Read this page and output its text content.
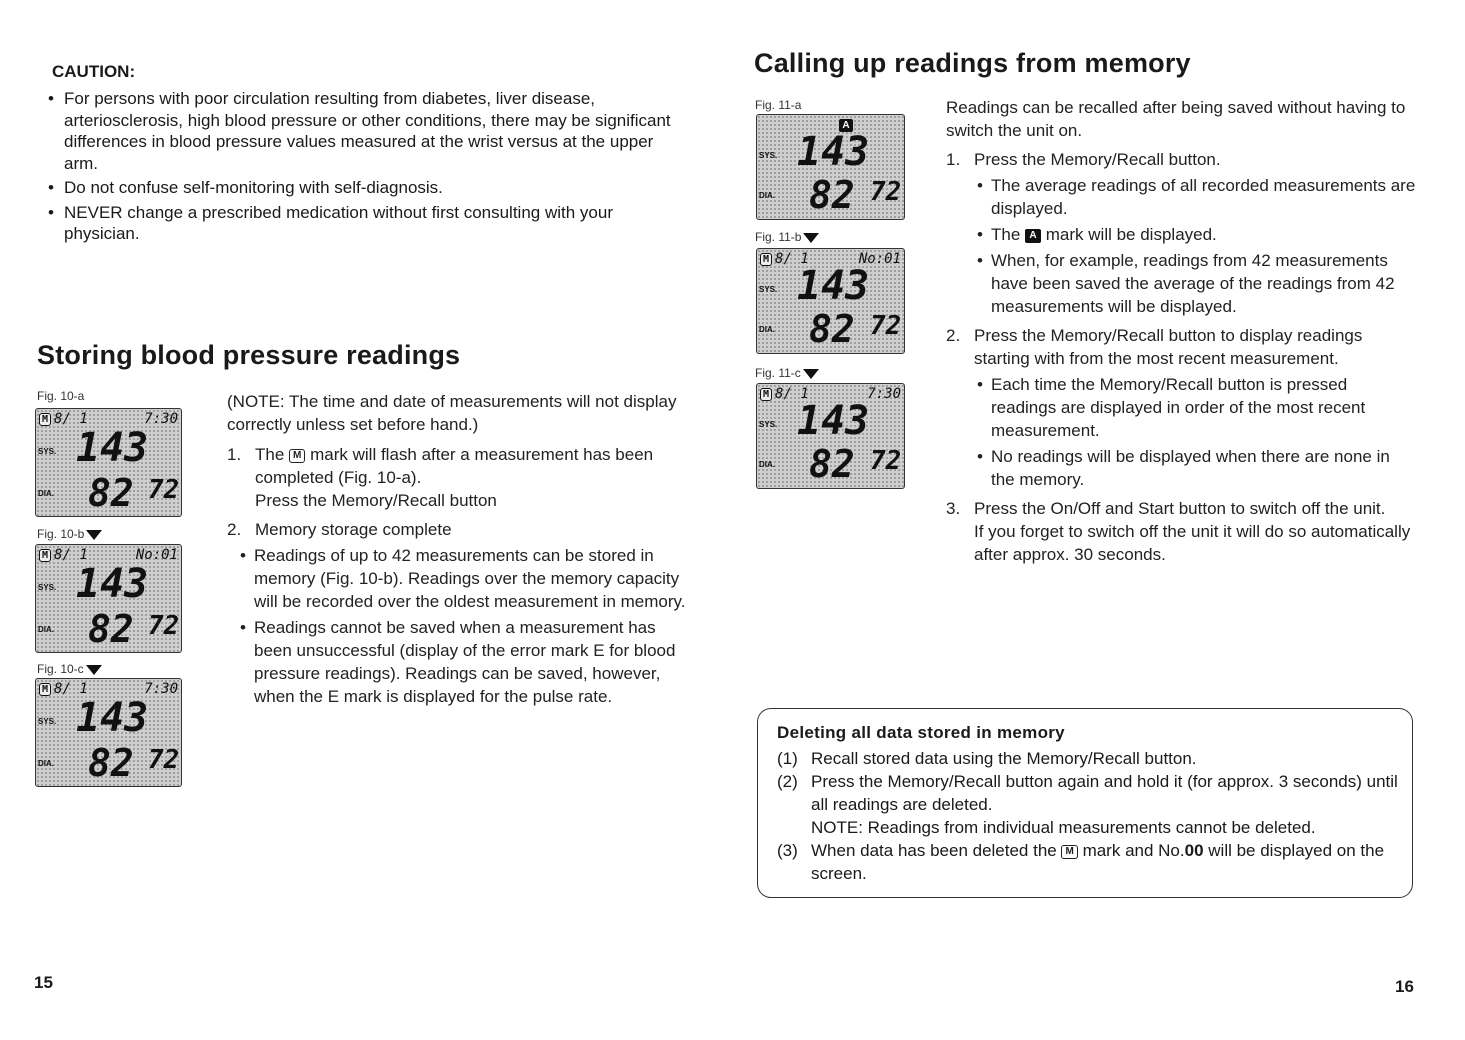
CAUTION:
• For persons with poor circulation resulting from diabetes, liver disease, arteriosclerosis, high blood pressure or other conditions, there may be significant differences in blood pressure values measured at the wrist versus at the upper arm.
• Do not confuse self-monitoring with self-diagnosis.
• NEVER change a prescribed medication without first consulting with your physician.
Storing blood pressure readings
Fig. 10-a
M 8/ 1	7:30
SYS.
DIA.
143
82 72
Fig. 10-b
M 8/ 1	No:01
SYS.
DIA.
143
82 72
Fig. 10-c
M 8/ 1	7:30
SYS.
DIA.
143
82 72
(NOTE: The time and date of measurements will not display correctly unless set before hand.)
1. The M mark will flash after a measurement has been completed (Fig. 10-a).
Press the Memory/Recall button
2. Memory storage complete
• Readings of up to 42 measurements can be stored in memory (Fig. 10-b). Readings over the memory capacity will be recorded over the oldest measurement in memory.
• Readings cannot be saved when a measurement has been unsuccessful (display of the error mark E for blood pressure readings). Readings can be saved, however, when the E mark is displayed for the pulse rate.
15
Calling up readings from memory
Fig. 11-a
A
SYS.
DIA.
143
82 72
Fig. 11-b
M 8/ 1	No:01
SYS.
DIA.
143
82 72
Fig. 11-c
M 8/ 1	7:30
SYS.
DIA.
143
82 72
Readings can be recalled after being saved without having to switch the unit on.
1. Press the Memory/Recall button.
• The average readings of all recorded measurements are displayed.
• The A mark will be displayed.
• When, for example, readings from 42 measurements have been saved the average of the readings from 42 measurements will be displayed.
2. Press the Memory/Recall button to display readings starting with from the most recent measurement.
• Each time the Memory/Recall button is pressed readings are displayed in order of the most recent measurement.
• No readings will be displayed when there are none in the memory.
3. Press the On/Off and Start button to switch off the unit.
If you forget to switch off the unit it will do so automatically after approx. 30 seconds.
Deleting all data stored in memory
(1) Recall stored data using the Memory/Recall button.
(2) Press the Memory/Recall button again and hold it (for approx. 3 seconds) until all readings are deleted.
NOTE: Readings from individual measurements cannot be deleted.
(3) When data has been deleted the M mark and No.00 will be displayed on the screen.
16
